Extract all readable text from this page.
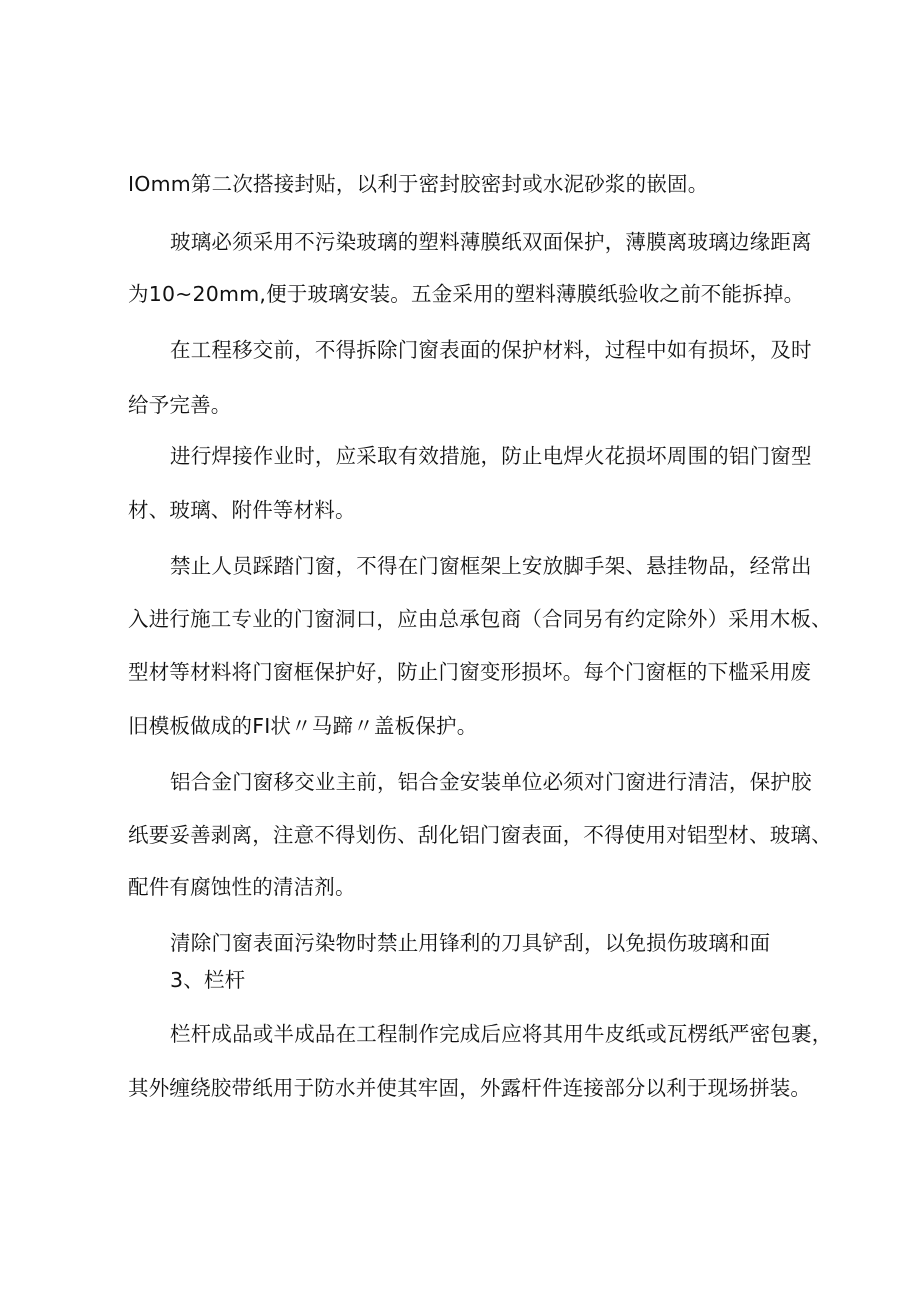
IOmm第二次搭接封贴，以利于密封胶密封或水泥砂浆的嵌固。
玻璃必须采用不污染玻璃的塑料薄膜纸双面保护，薄膜离玻璃边缘距离
为10~20mm,便于玻璃安装。五金采用的塑料薄膜纸验收之前不能拆掉。
在工程移交前，不得拆除门窗表面的保护材料，过程中如有损坏，及时
给予完善。
进行焊接作业时，应采取有效措施，防止电焊火花损坏周围的铝门窗型
材、玻璃、附件等材料。
禁止人员踩踏门窗，不得在门窗框架上安放脚手架、悬挂物品，经常出
入进行施工专业的门窗洞口，应由总承包商（合同另有约定除外）采用木板、
型材等材料将门窗框保护好，防止门窗变形损坏。每个门窗框的下槛采用废
旧模板做成的FI状〃马蹄〃盖板保护。
铝合金门窗移交业主前，铝合金安装单位必须对门窗进行清洁，保护胶
纸要妥善剥离，注意不得划伤、刮化铝门窗表面，不得使用对铝型材、玻璃、
配件有腐蚀性的清洁剂。
清除门窗表面污染物时禁止用锋利的刀具铲刮，以免损伤玻璃和面
3、栏杆
栏杆成品或半成品在工程制作完成后应将其用牛皮纸或瓦楞纸严密包裹，
其外缠绕胶带纸用于防水并使其牢固，外露杆件连接部分以利于现场拼装。
